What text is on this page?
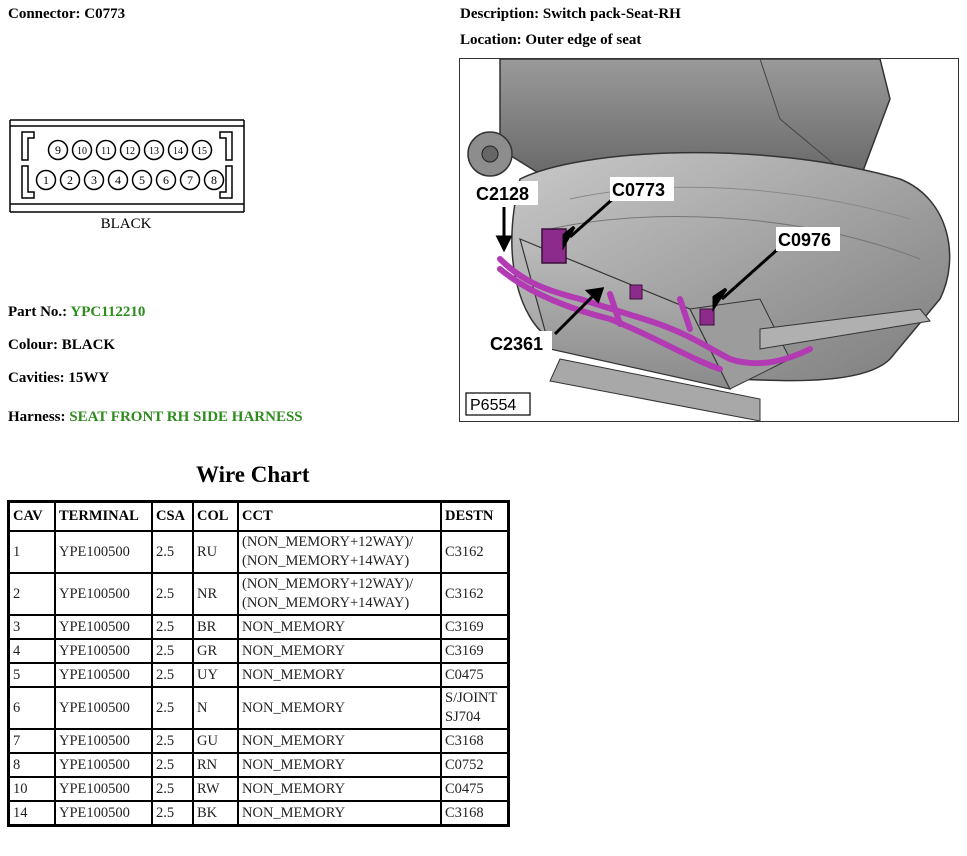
Connector: C0773	Description: Switch pack-Seat-RH
Location: Outer edge of seat
9 10 11 12 13 14 15
1 2 3 4 5 6 7 8
BLACK
Part No.: YPC112210
Colour: BLACK
Cavities: 15WY
Harness: SEAT FRONT RH SIDE HARNESS
C2128	C0773
C0976
C2361
P6554
Wire Chart
CAV	TERMINAL	CSA	COL	CCT	DESTN
1	YPE100500	2.5	RU	(NON_MEMORY+12WAY)/
(NON_MEMORY+14WAY)	C3162
2	YPE100500	2.5	NR	(NON_MEMORY+12WAY)/
(NON_MEMORY+14WAY)	C3162
3	YPE100500	2.5	BR	NON_MEMORY	C3169
4	YPE100500	2.5	GR	NON_MEMORY	C3169
5	YPE100500	2.5	UY	NON_MEMORY	C0475
6	YPE100500	2.5	N	NON_MEMORY	S/JOINT
SJ704
7	YPE100500	2.5	GU	NON_MEMORY	C3168
8	YPE100500	2.5	RN	NON_MEMORY	C0752
10	YPE100500	2.5	RW	NON_MEMORY	C0475
14	YPE100500	2.5	BK	NON_MEMORY	C3168
